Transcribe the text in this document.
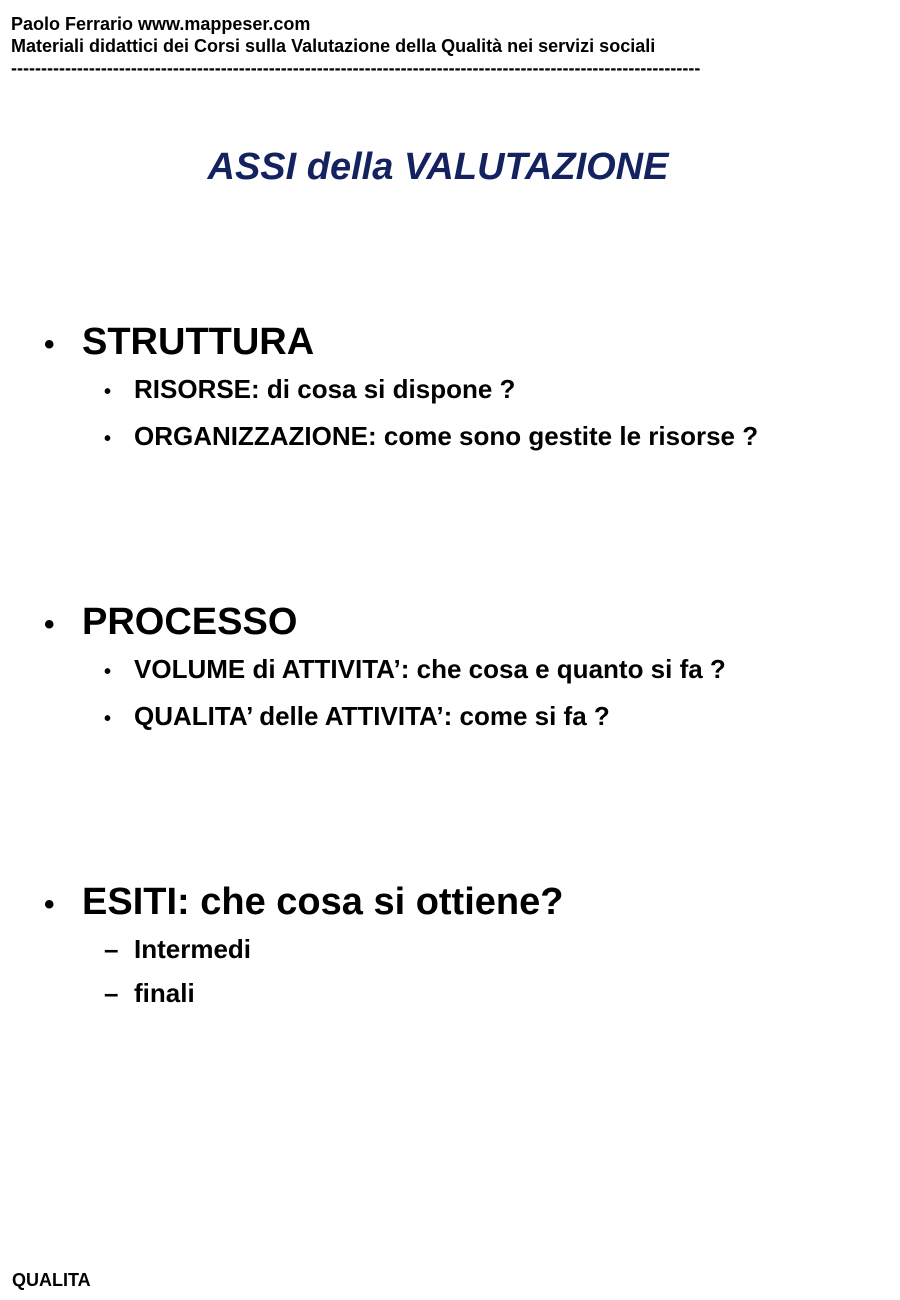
Paolo Ferrario www.mappeser.com
Materiali didattici dei Corsi sulla Valutazione della Qualità nei servizi sociali
-------------------------------------------------------------------------------------------------------------------
ASSI della VALUTAZIONE
• STRUTTURA
• RISORSE: di cosa si dispone ?
• ORGANIZZAZIONE: come sono gestite le risorse ?
• PROCESSO
• VOLUME di ATTIVITA’: che cosa e quanto si fa ?
• QUALITA’ delle ATTIVITA’: come si fa ?
• ESITI: che cosa si ottiene?
– Intermedi
– finali
QUALITA
